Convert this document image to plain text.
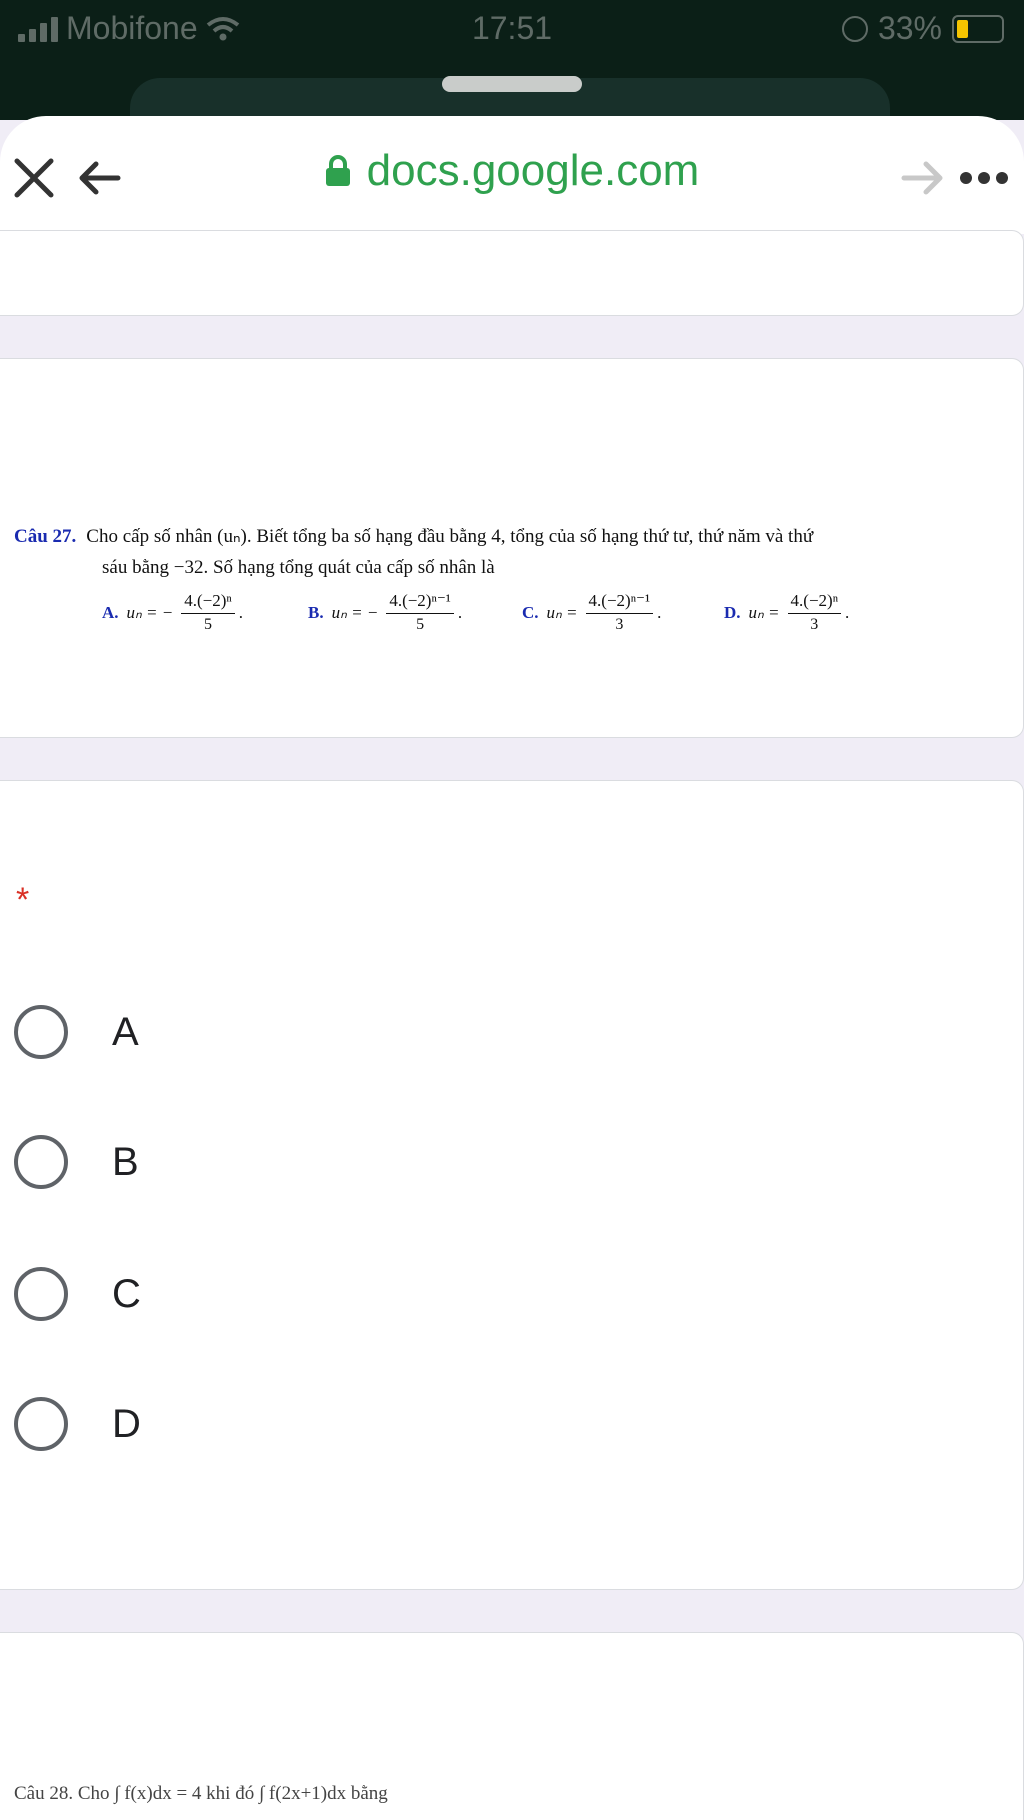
Mobifone	17:51	33%
docs.google.com
Câu 27. Cho cấp số nhân (uₙ). Biết tổng ba số hạng đầu bằng 4, tổng của số hạng thứ tư, thứ năm và thứ
sáu bằng −32. Số hạng tổng quát của cấp số nhân là
A. uₙ = − $\frac{\text{4.(−2)ⁿ}}{5}$ .	B. uₙ = − $\frac{\text{4.(−2)ⁿ⁻¹}}{5}$ .	C. $u_n = \frac{\text{4.(−2)ⁿ⁻¹}}{3}$ .	D. $u_n = \frac{\text{4.(−2)ⁿ}}{3}$ .
*
A
B
C
D
Câu 28. Cho ∫ f(x)dx = 4 khi đó ∫ f(2x+1)dx bằng
